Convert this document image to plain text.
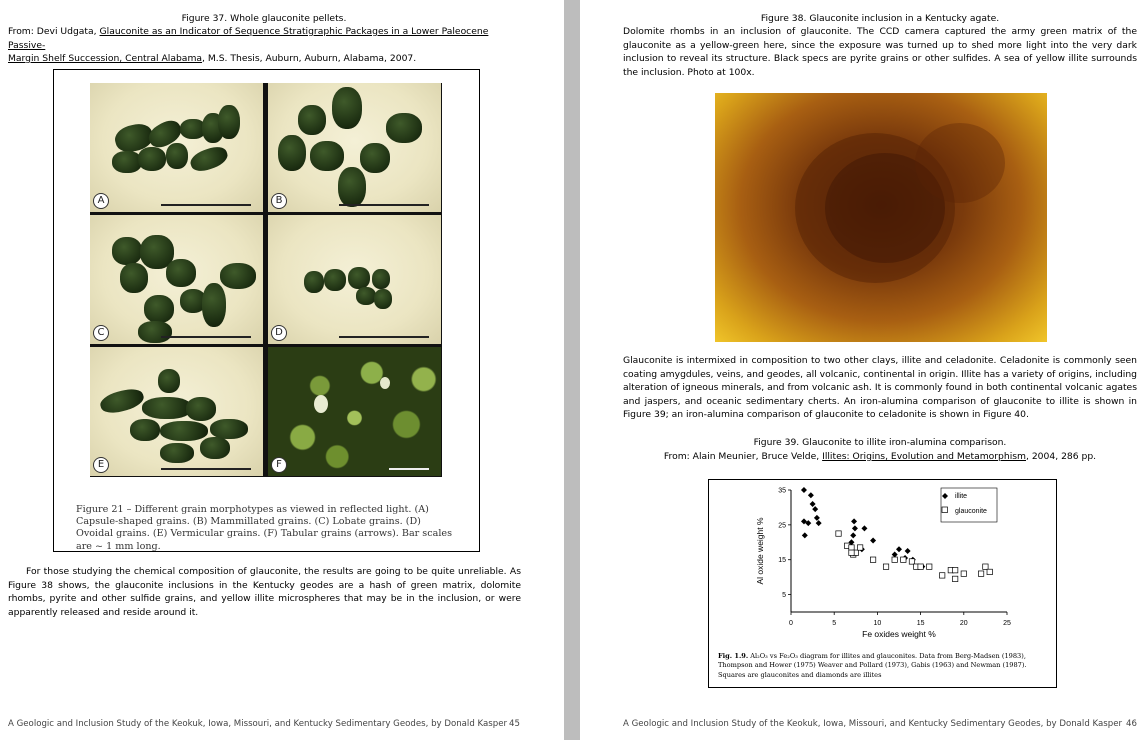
Figure 37. Whole glauconite pellets.
From: Devi Udgata, Glauconite as an Indicator of Sequence Stratigraphic Packages in a Lower Paleocene Passive-
Margin Shelf Succession, Central Alabama, M.S. Thesis, Auburn, Auburn, Alabama, 2007.
A	B
C	D
E	F
Figure 21 – Different grain morphotypes as viewed in reflected light. (A) Capsule-shaped grains. (B) Mammillated grains. (C) Lobate grains. (D) Ovoidal grains. (E) Vermicular grains. (F) Tabular grains (arrows). Bar scales are ~ 1 mm long.
For those studying the chemical composition of glauconite, the results are going to be quite unreliable. As Figure 38 shows, the glauconite inclusions in the Kentucky geodes are a hash of green matrix, dolomite rhombs, pyrite and other sulfide grains, and yellow illite microspheres that may be in the inclusion, or were apparently released and reside around it.
A Geologic and Inclusion Study of the Keokuk, Iowa, Missouri, and Kentucky Sedimentary Geodes, by Donald Kasper 45
Figure 38. Glauconite inclusion in a Kentucky agate.
Dolomite rhombs in an inclusion of glauconite. The CCD camera captured the army green matrix of the glauconite as a yellow-green here, since the exposure was turned up to shed more light into the very dark inclusion to reveal its structure. Black specs are pyrite grains or other sulfides. A sea of yellow illite surrounds the inclusion. Photo at 100x.
Glauconite is intermixed in composition to two other clays, illite and celadonite. Celadonite is commonly seen coating amygdules, veins, and geodes, all volcanic, continental in origin. Illite has a variety of origins, including alteration of igneous minerals, and from volcanic ash. It is commonly found in both continental volcanic agates and jaspers, and oceanic sedimentary cherts. An iron-alumina comparison of glauconite to illite is shown in Figure 39; an iron-alumina comparison of glauconite to celadonite is shown in Figure 40.
Figure 39. Glauconite to illite iron-alumina comparison.
From: Alain Meunier, Bruce Velde, Illites: Origins, Evolution and Metamorphism, 2004, 286 pp.
0	5	10	15	20	25
5
15
25
35
Fe oxides weight %
Al oxide weight %
illite
glauconite
Fig. 1.9. Al₂O₃ vs Fe₂O₃ diagram for illites and glauconites. Data from Berg-Madsen (1983), Thompson and Hower (1975) Weaver and Pollard (1973), Gabis (1963) and Newman (1987). Squares are glauconites and diamonds are illites
A Geologic and Inclusion Study of the Keokuk, Iowa, Missouri, and Kentucky Sedimentary Geodes, by Donald Kasper 46
